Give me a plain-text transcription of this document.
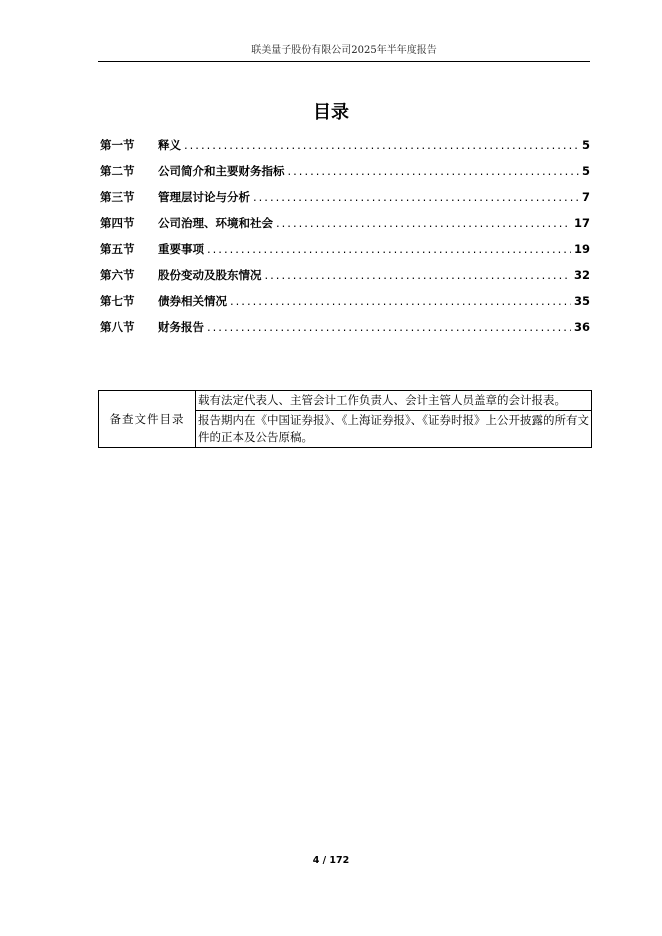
联美量子股份有限公司2025年半年度报告
目录
第一节	释义 .....	5
第二节	公司简介和主要财务指标 .....	5
第三节	管理层讨论与分析 .....	7
第四节	公司治理、环境和社会 .....	17
第五节	重要事项 .....	19
第六节	股份变动及股东情况 .....	32
第七节	债券相关情况 .....	35
第八节	财务报告 .....	36
备查文件目录	载有法定代表人、主管会计工作负责人、会计主管人员盖章的会计报表。
报告期内在《中国证券报》、《上海证券报》、《证券时报》上公开披露的所有文件的正本及公告原稿。
4 / 172
